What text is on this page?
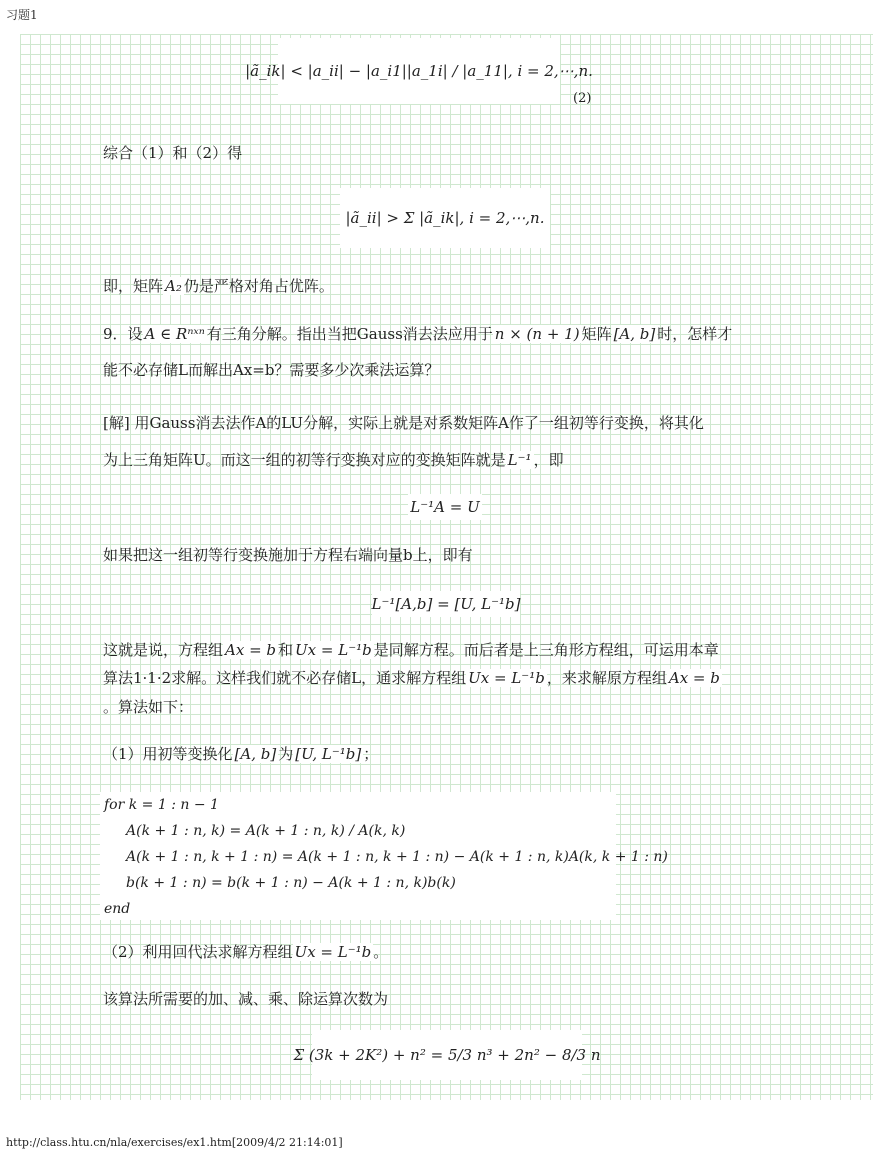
习题1
|ã_ik| < |a_ii| − |a_i1||a_1i| / |a_11|, i = 2,⋯,n.
(2)
综合（1）和（2）得
|ã_ii| > Σ |ã_ik|, i = 2,⋯,n.
即，矩阵 A₂ 仍是严格对角占优阵。
9．设 A ∈ Rⁿˣⁿ 有三角分解。指出当把Gauss消去法应用于 n × (n + 1) 矩阵 [A, b] 时，怎样才
能不必存储L而解出Ax=b？需要多少次乘法运算？
[解] 用Gauss消去法作A的LU分解，实际上就是对系数矩阵A作了一组初等行变换，将其化
为上三角矩阵U。而这一组的初等行变换对应的变换矩阵就是 L⁻¹ ，即
L⁻¹A = U
如果把这一组初等行变换施加于方程右端向量b上，即有
L⁻¹[A,b] = [U, L⁻¹b]
这就是说，方程组 Ax = b 和 Ux = L⁻¹b 是同解方程。而后者是上三角形方程组，可运用本章
算法1·1·2求解。这样我们就不必存储L，通求解方程组 Ux = L⁻¹b ，来求解原方程组 Ax = b
。算法如下：
（1）用初等变换化 [A, b] 为 [U, L⁻¹b] ；
for k = 1 : n − 1
A(k + 1 : n, k) = A(k + 1 : n, k) / A(k, k)
A(k + 1 : n, k + 1 : n) = A(k + 1 : n, k + 1 : n) − A(k + 1 : n, k)A(k, k + 1 : n)
b(k + 1 : n) = b(k + 1 : n) − A(k + 1 : n, k)b(k)
end
（2）利用回代法求解方程组 Ux = L⁻¹b 。
该算法所需要的加、减、乘、除运算次数为
Σ (3k + 2K²) + n² = 5/3 n³ + 2n² − 8/3 n
http://class.htu.cn/nla/exercises/ex1.htm[2009/4/2 21:14:01]
